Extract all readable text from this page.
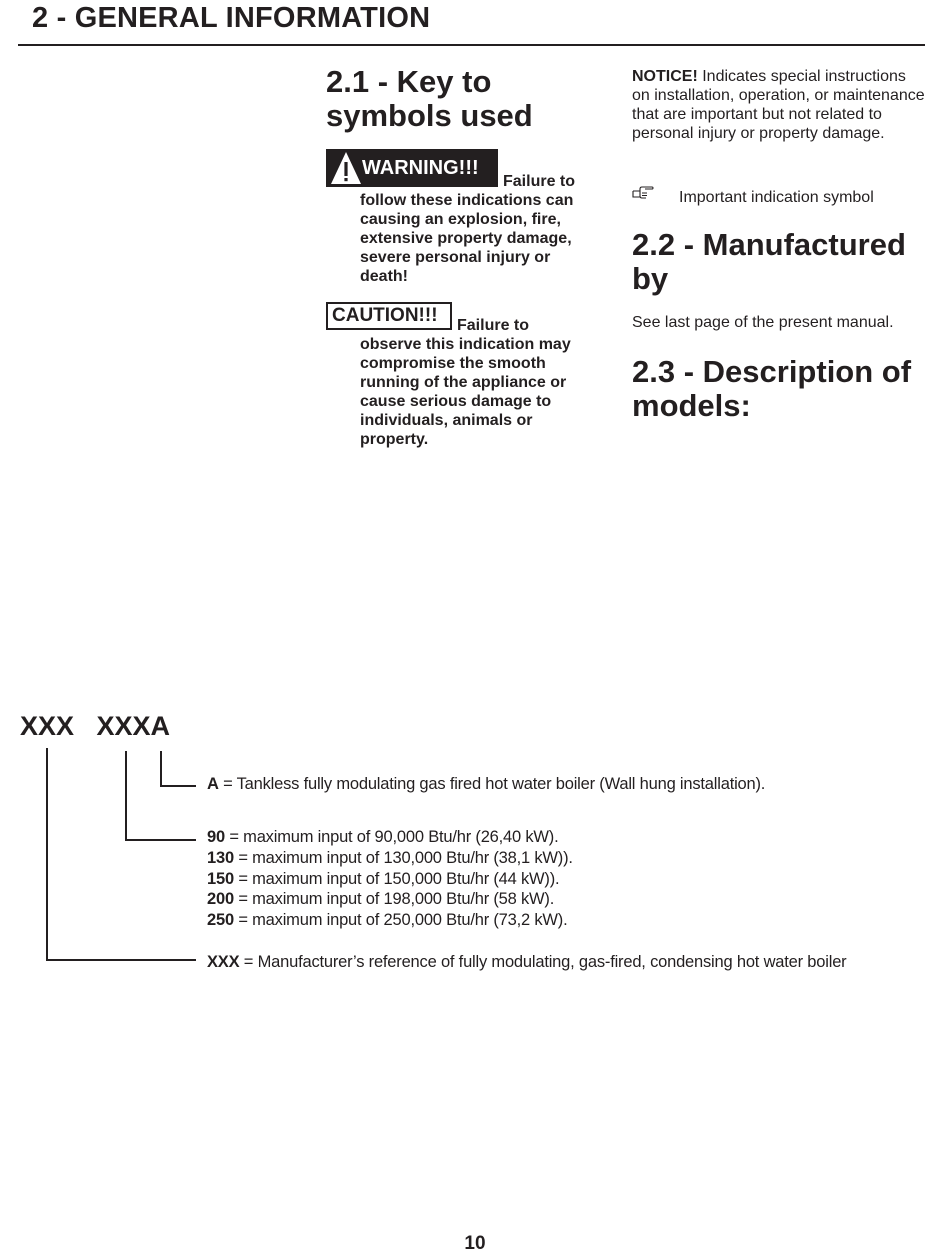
2 - GENERAL INFORMATION
2.1 - Key to symbols used
WARNING!!!

Failure to

follow these indications can causing an explosion, fire, extensive property damage, severe personal injury or death!

CAUTION!!!	Failure to

observe this indication may compromise the smooth running of the appliance or cause serious damage to individuals, animals or property.

NOTICE! Indicates special instructions on installation, operation, or maintenance that are important but not related to personal injury or property damage.

Important indication symbol
2.2 - Manufactured by
See last page of the present manual.
2.3 - Description of models:
XXX   XXXA
A = Tankless fully modulating gas fired hot water boiler (Wall hung installation).
90 = maximum input of 90,000 Btu/hr (26,40 kW).
130 = maximum input of 130,000 Btu/hr (38,1 kW)).
150 = maximum input of 150,000 Btu/hr (44 kW)).
200 = maximum input of 198,000 Btu/hr (58 kW).
250 = maximum input of 250,000 Btu/hr (73,2 kW).
XXX = Manufacturer’s reference of fully modulating, gas-fired, condensing hot water boiler
10
